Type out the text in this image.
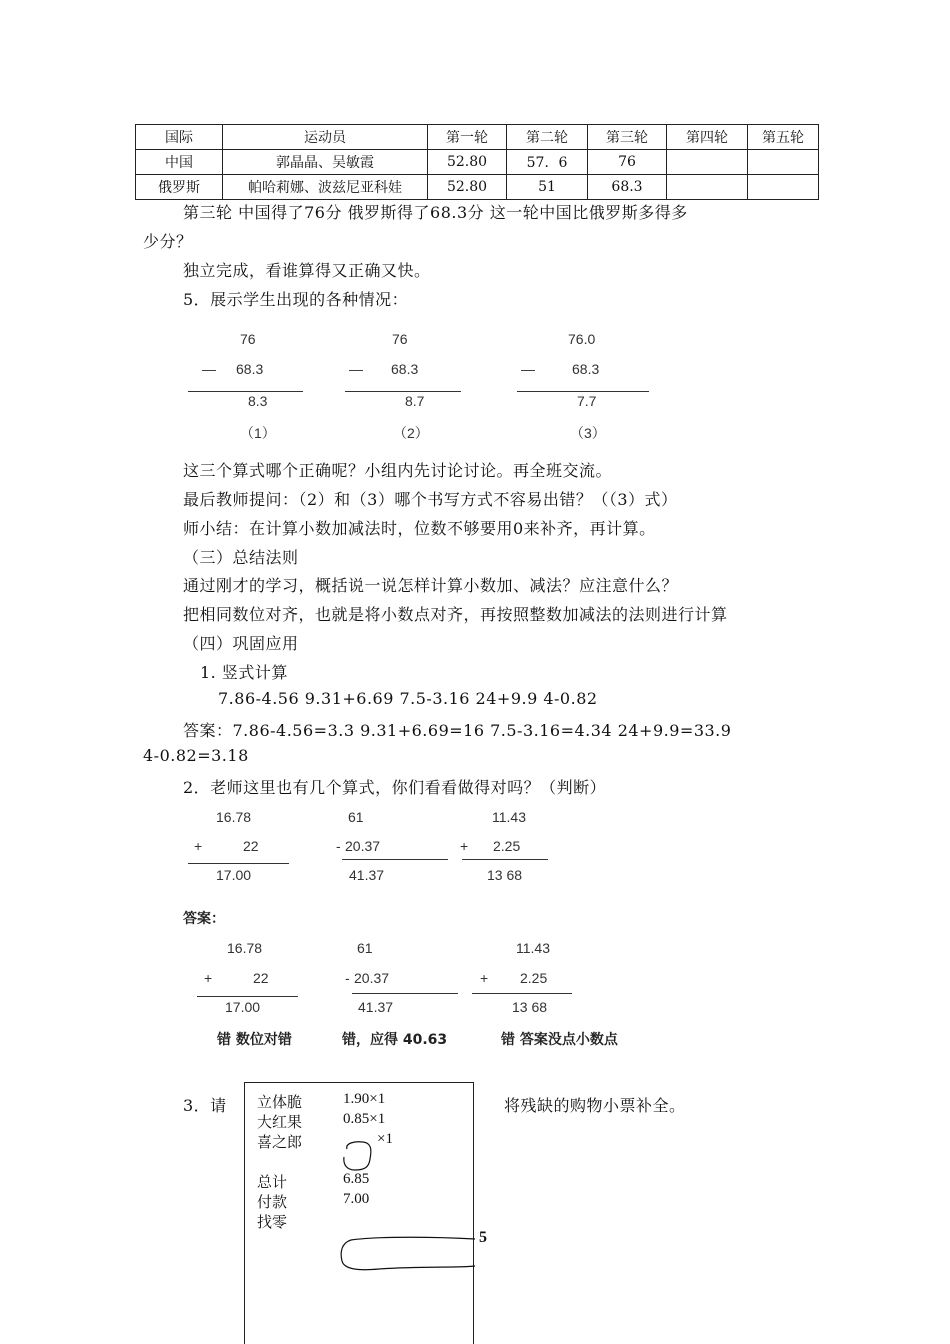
国际	运动员	第一轮	第二轮	第三轮	第四轮	第五轮
中国	郭晶晶、吴敏霞	52.80	57．6	76		
俄罗斯	帕哈莉娜、波兹尼亚科娃	52.80	51	68.3		
第三轮 中国得了76分 俄罗斯得了68.3分 这一轮中国比俄罗斯多得多
少分？
独立完成，看谁算得又正确又快。
5．展示学生出现的各种情况：
76
— 68.3
8.3
（1）
76
— 68.3
8.7
（2）
76.0
—	68.3
7.7
（3）
这三个算式哪个正确呢？小组内先讨论讨论。再全班交流。
最后教师提问：（2）和（3）哪个书写方式不容易出错？（（3）式）
师小结：在计算小数加减法时，位数不够要用0来补齐，再计算。
（三）总结法则
通过刚才的学习，概括说一说怎样计算小数加、减法？应注意什么？
把相同数位对齐，也就是将小数点对齐，再按照整数加减法的法则进行计算
（四）巩固应用
1. 竖式计算
7.86-4.56 9.31+6.69 7.5-3.16 24+9.9 4-0.82
答案：7.86-4.56=3.3 9.31+6.69=16 7.5-3.16=4.34 24+9.9=33.9
4-0.82=3.18
2．老师这里也有几个算式，你们看看做得对吗？（判断）
16.78
+	22
17.00
61
- 20.37
41.37
11.43
+ 2.25
13 68
答案：
16.78
+	22
17.00
61
- 20.37
41.37
11.43
+ 2.25
13 68
错 数位对错	错，应得 40.63	错 答案没点小数点
3．请	将残缺的购物小票补全。
立体脆	1.90×1
大红果	0.85×1
喜之郎	×1
总计	6.85
付款	7.00
找零
5
